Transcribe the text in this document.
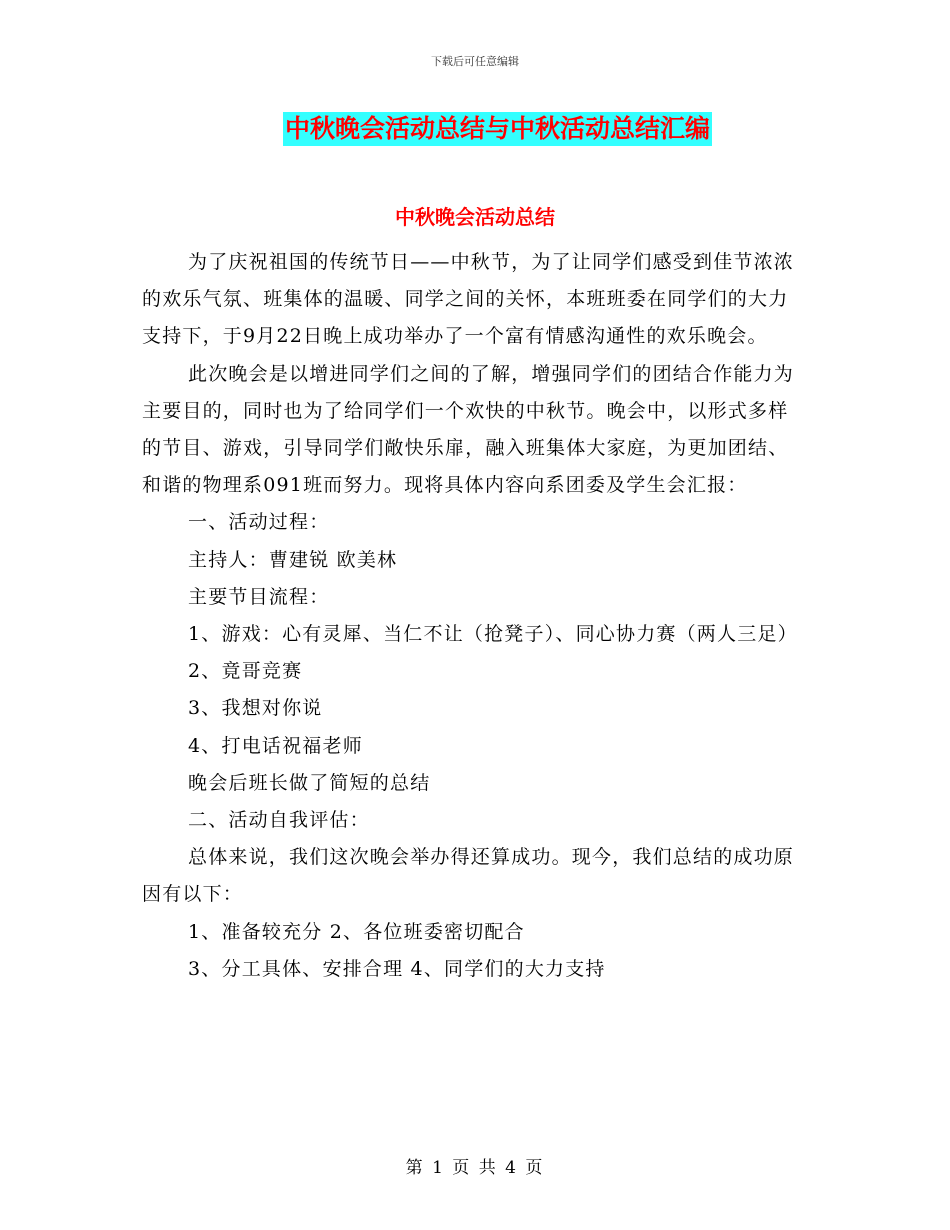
下载后可任意编辑
中秋晚会活动总结与中秋活动总结汇编
中秋晚会活动总结

为了庆祝祖国的传统节日——中秋节，为了让同学们感受到佳节浓浓的欢乐气氛、班集体的温暖、同学之间的关怀，本班班委在同学们的大力支持下，于9月22日晚上成功举办了一个富有情感沟通性的欢乐晚会。

此次晚会是以增进同学们之间的了解，增强同学们的团结合作能力为主要目的，同时也为了给同学们一个欢快的中秋节。晚会中，以形式多样的节目、游戏，引导同学们敞快乐扉，融入班集体大家庭，为更加团结、和谐的物理系091班而努力。现将具体内容向系团委及学生会汇报：

一、活动过程：

主持人：曹建锐 欧美林

主要节目流程：

1、游戏：心有灵犀、当仁不让（抢凳子）、同心协力赛（两人三足）

2、竟哥竞赛

3、我想对你说

4、打电话祝福老师

晚会后班长做了简短的总结

二、活动自我评估：

总体来说，我们这次晚会举办得还算成功。现今，我们总结的成功原因有以下：

1、准备较充分 2、各位班委密切配合

3、分工具体、安排合理 4、同学们的大力支持

第 1 页 共 4 页
